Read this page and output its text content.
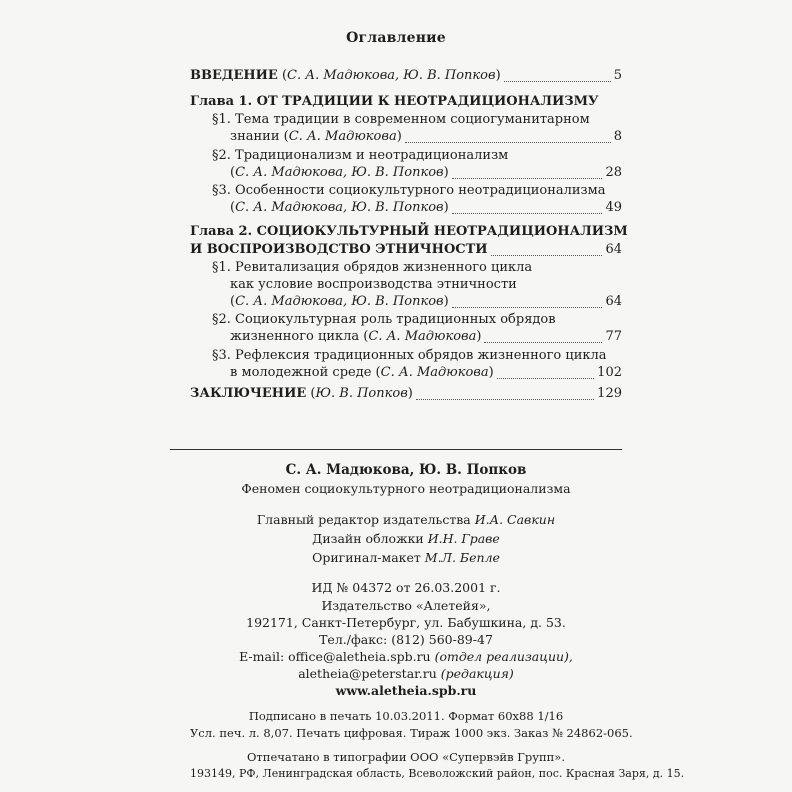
Оглавление
ВВЕДЕНИЕ (С. А. Мадюкова, Ю. В. Попков)	5
Глава 1. ОТ ТРАДИЦИИ К НЕОТРАДИЦИОНАЛИЗМУ
§1. Тема традиции в современном социогуманитарном
знании (С. А. Мадюкова)	8
§2. Традиционализм и неотрадиционализм
(С. А. Мадюкова, Ю. В. Попков)	28
§3. Особенности социокультурного неотрадиционализма
(С. А. Мадюкова, Ю. В. Попков)	49
Глава 2. СОЦИОКУЛЬТУРНЫЙ НЕОТРАДИЦИОНАЛИЗМ
И ВОСПРОИЗВОДСТВО ЭТНИЧНОСТИ	64
§1. Ревитализация обрядов жизненного цикла
как условие воспроизводства этничности
(С. А. Мадюкова, Ю. В. Попков)	64
§2. Социокультурная роль традиционных обрядов
жизненного цикла (С. А. Мадюкова)	77
§3. Рефлексия традиционных обрядов жизненного цикла
в молодежной среде (С. А. Мадюкова)	102
ЗАКЛЮЧЕНИЕ (Ю. В. Попков)	129
С. А. Мадюкова, Ю. В. Попков
Феномен социокультурного неотрадиционализма
Главный редактор издательства И.А. Савкин
Дизайн обложки И.Н. Граве
Оригинал-макет М.Л. Бепле
ИД № 04372 от 26.03.2001 г.
Издательство «Алетейя»,
192171, Санкт-Петербург, ул. Бабушкина, д. 53.
Тел./факс: (812) 560-89-47
E-mail: office@aletheia.spb.ru (отдел реализации),
aletheia@peterstar.ru (редакция)
www.aletheia.spb.ru
Подписано в печать 10.03.2011. Формат 60x88 1/16
Усл. печ. л. 8,07. Печать цифровая. Тираж 1000 экз. Заказ № 24862-065.
Отпечатано в типографии ООО «Супервэйв Групп».
193149, РФ, Ленинградская область, Всеволожский район, пос. Красная Заря, д. 15.
